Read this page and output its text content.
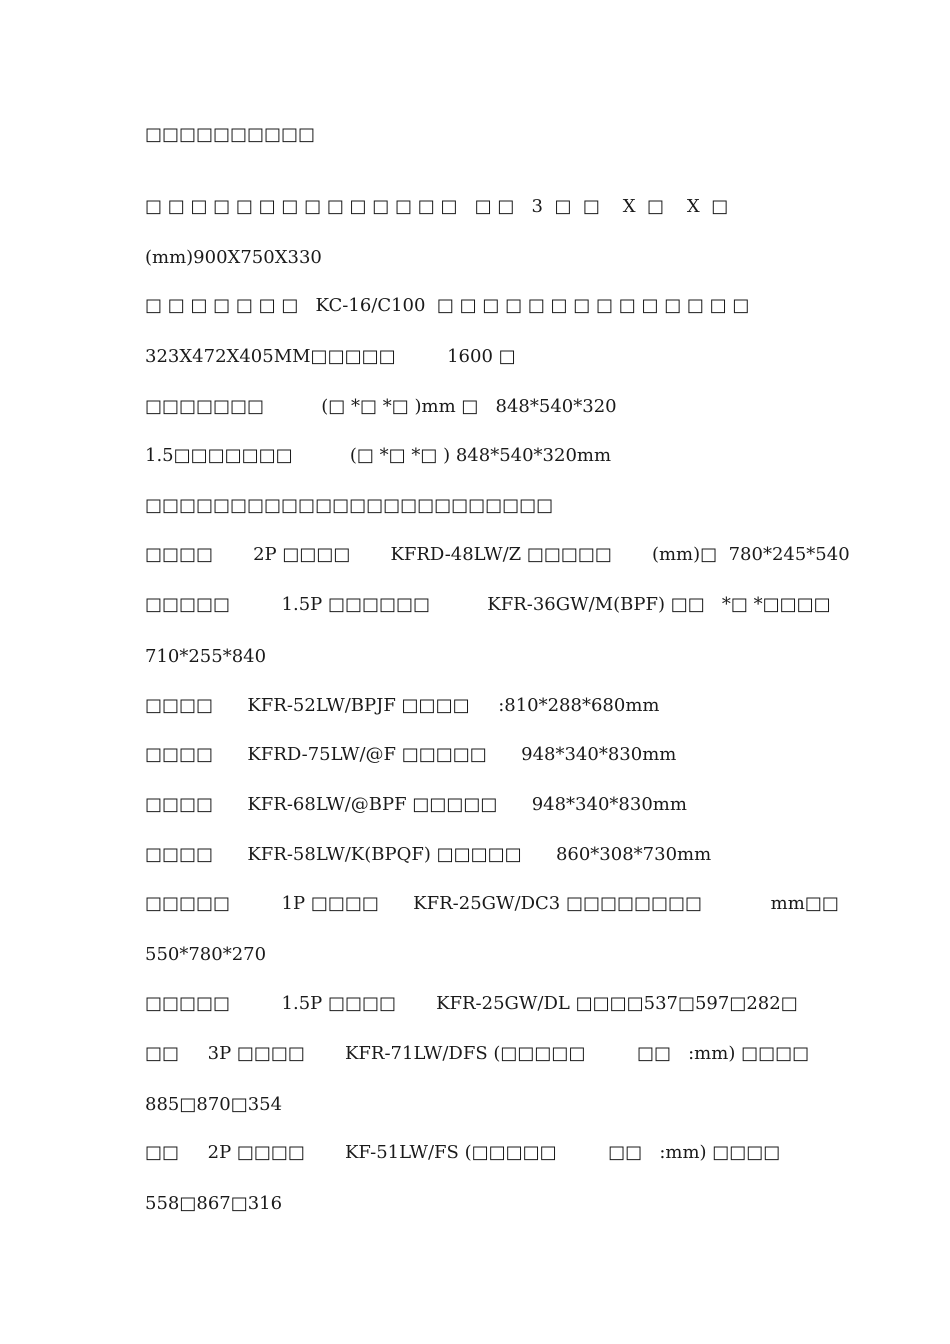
□□□□□□□□□□
□ □ □ □ □ □ □ □ □ □ □ □ □ □   □ □   3  □  □    X  □    X  □
(mm)900X750X330
□ □ □ □ □ □ □   KC-16/C100  □ □ □ □ □ □ □ □ □ □ □ □ □ □
323X472X405MM□□□□□         1600 □
□□□□□□□          (□ *□ *□ )mm □   848*540*320
1.5□□□□□□□          (□ *□ *□ ) 848*540*320mm
□□□□□□□□□□□□□□□□□□□□□□□□
□□□□       2P □□□□       KFRD-48LW/Z □□□□□       (mm)□  780*245*540
□□□□□         1.5P □□□□□□          KFR-36GW/M(BPF) □□   *□ *□□□□
710*255*840
□□□□      KFR-52LW/BPJF □□□□     :810*288*680mm
□□□□      KFRD-75LW/@F □□□□□      948*340*830mm
□□□□      KFR-68LW/@BPF □□□□□      948*340*830mm
□□□□      KFR-58LW/K(BPQF) □□□□□      860*308*730mm
□□□□□         1P □□□□      KFR-25GW/DC3 □□□□□□□□            mm□□
550*780*270
□□□□□         1.5P □□□□       KFR-25GW/DL □□□□537□597□282□
□□     3P □□□□       KFR-71LW/DFS (□□□□□         □□   :mm) □□□□
885□870□354
□□     2P □□□□       KF-51LW/FS (□□□□□         □□   :mm) □□□□
558□867□316
